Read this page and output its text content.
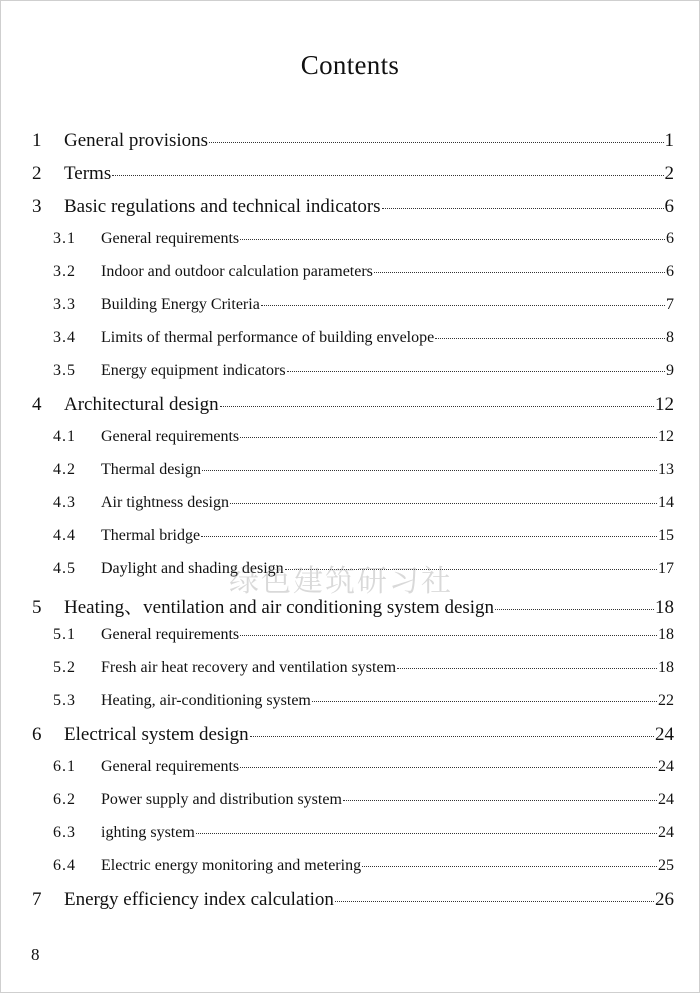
Contents
1	General provisions	1
2	Terms	2
3	Basic regulations and technical indicators	6
3.1	General requirements	6
3.2	Indoor and outdoor calculation parameters	6
3.3	Building Energy Criteria	7
3.4	Limits of thermal performance of building envelope	8
3.5	Energy equipment indicators	9
4	Architectural design	12
4.1	General requirements	12
4.2	Thermal design	13
4.3	Air tightness design	14
4.4	Thermal bridge	15
4.5	Daylight and shading design	17
5	Heating、ventilation and air conditioning system design	18
5.1	General requirements	18
5.2	Fresh air heat recovery and ventilation system	18
5.3	Heating, air-conditioning system	22
6	Electrical system design	24
6.1	General requirements	24
6.2	Power supply and distribution system	24
6.3	ighting system	24
6.4	Electric energy monitoring and metering	25
7	Energy efficiency index calculation	26
绿色建筑研习社
8
